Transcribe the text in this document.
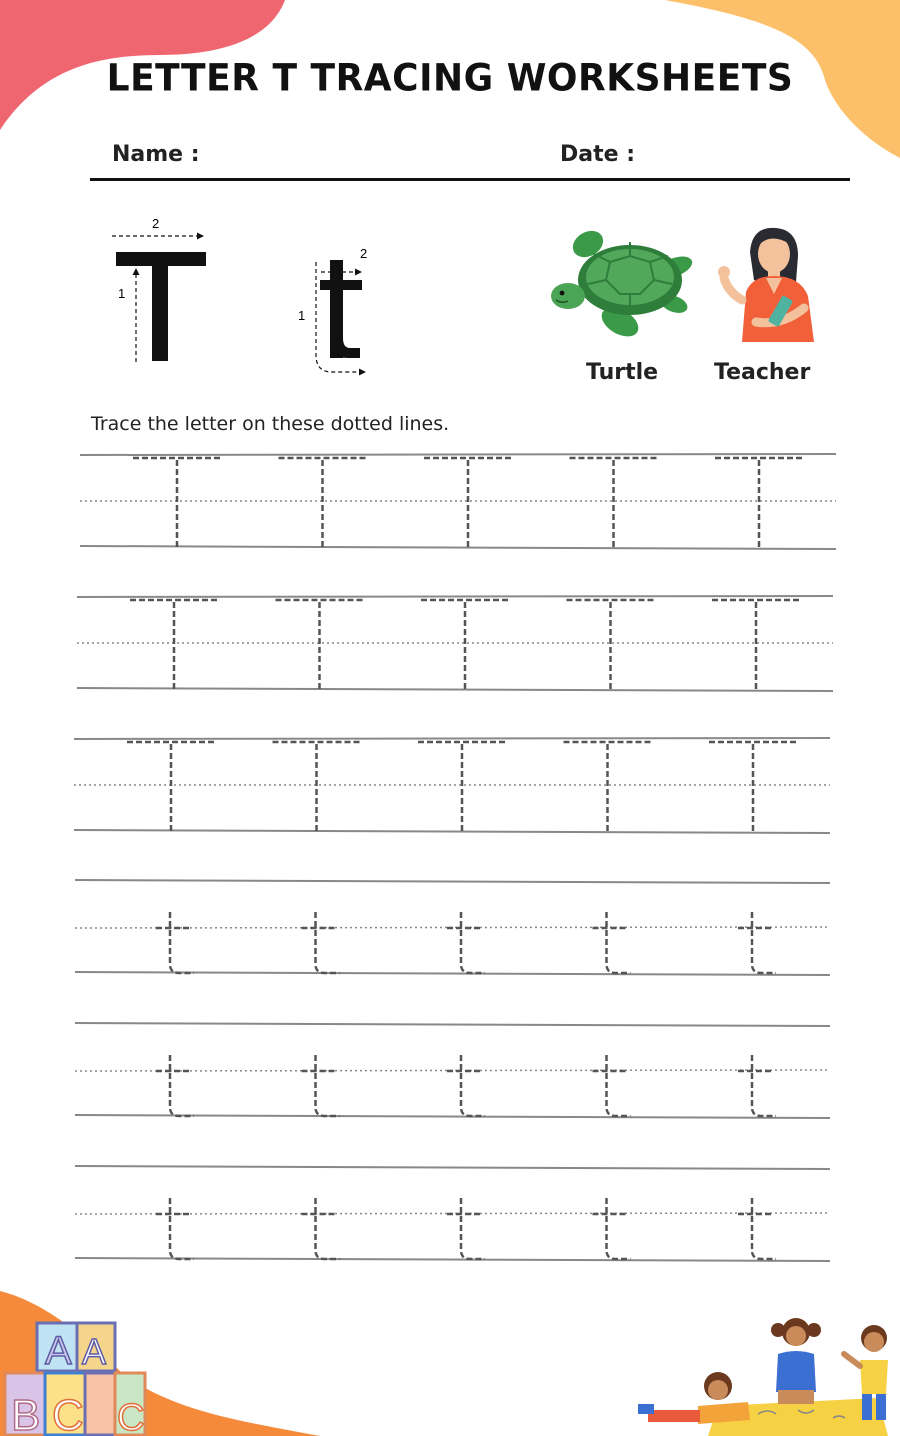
LETTER T TRACING WORKSHEETS
Name :	Date :
2
1
2
1
Turtle	Teacher
Trace the letter on these dotted lines.
A A
B C C
